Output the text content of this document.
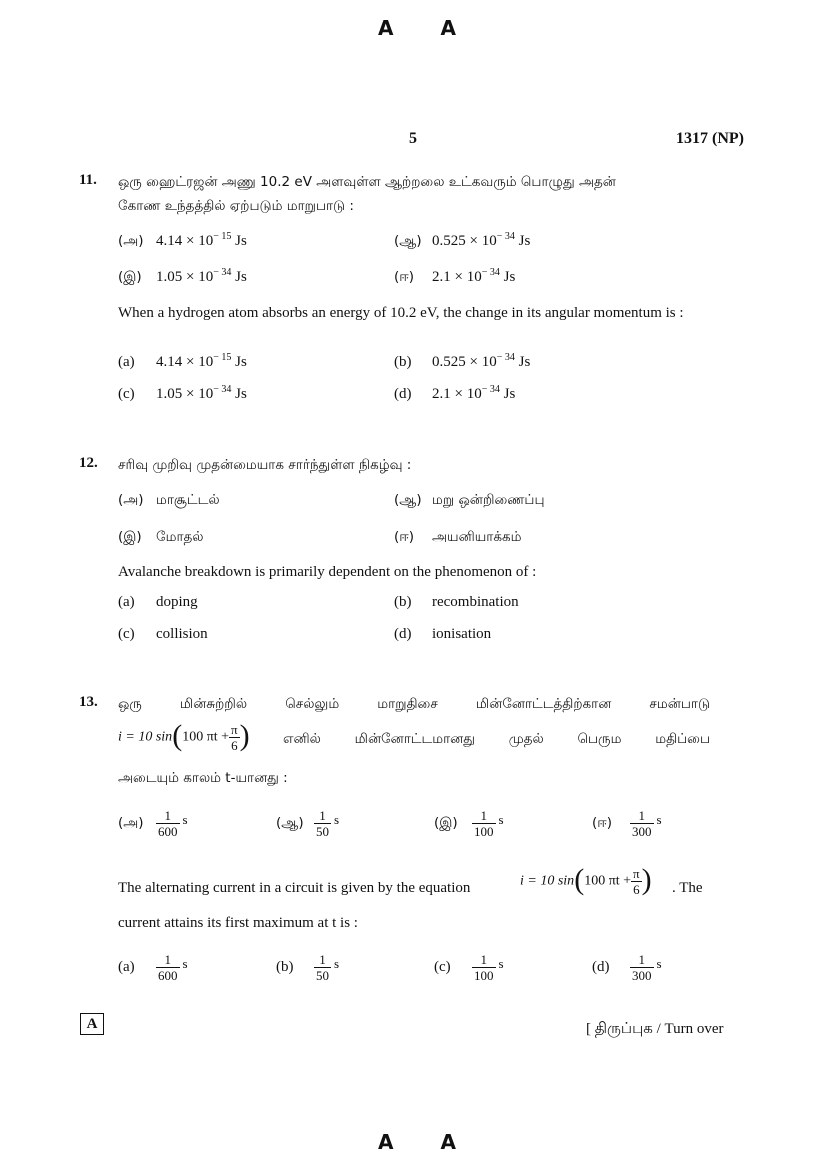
A A
5	1317 (NP)
11. ஒரு ஹைட்ரஜன் அணு 10.2 eV அளவுள்ள ஆற்றலை உட்கவரும் பொழுது அதன்
கோண உந்தத்தில் ஏற்படும் மாறுபாடு :
(அ) $4.14 \times 10^{- 15}$ Js	(ஆ) $0.525 \times 10^{- 34}$ Js
(இ) $1.05 \times 10^{- 34}$ Js	(ஈ) $2.1 \times 10^{- 34}$ Js
When a hydrogen atom absorbs an energy of 10.2 eV, the change in its angular momentum is :
(a) $4.14 \times 10^{- 15}$ Js	(b) $0.525 \times 10^{- 34}$ Js
(c) $1.05 \times 10^{- 34}$ Js	(d) $2.1 \times 10^{- 34}$ Js
12. சரிவு முறிவு முதன்மையாக சார்ந்துள்ள நிகழ்வு :
(அ) மாசூட்டல்	(ஆ) மறு ஒன்றிணைப்பு
(இ) மோதல்	(ஈ) அயனியாக்கம்
Avalanche breakdown is primarily dependent on the phenomenon of :
(a) doping	(b) recombination
(c) collision	(d) ionisation
13. ஒரு மின்சுற்றில் செல்லும் மாறுதிசை மின்னோட்டத்திற்கான சமன்பாடு
i = 10 sin(100 $\pi t + \frac{\pi}{6}$ ) எனில் மின்னோட்டமானது முதல் பெரும மதிப்பை
அடையும் காலம் t-யானது :
(அ) $\frac{1}{600}$ s	(ஆ) $\frac{1}{50}$ s	(இ) $\frac{1}{100}$ s	(ஈ) $\frac{1}{300}$ s
The alternating current in a circuit is given by the equation	i = 10 sin(100 $\pi t + \frac{\pi}{6}$ ) . The
current attains its first maximum at t is :
$(a) \frac{1}{600}$ s	$(b) \frac{1}{50}$ s	$(c) \frac{1}{100}$ s	$(d) \frac{1}{300}$ s
A	[ திருப்புக / Turn over
A A
